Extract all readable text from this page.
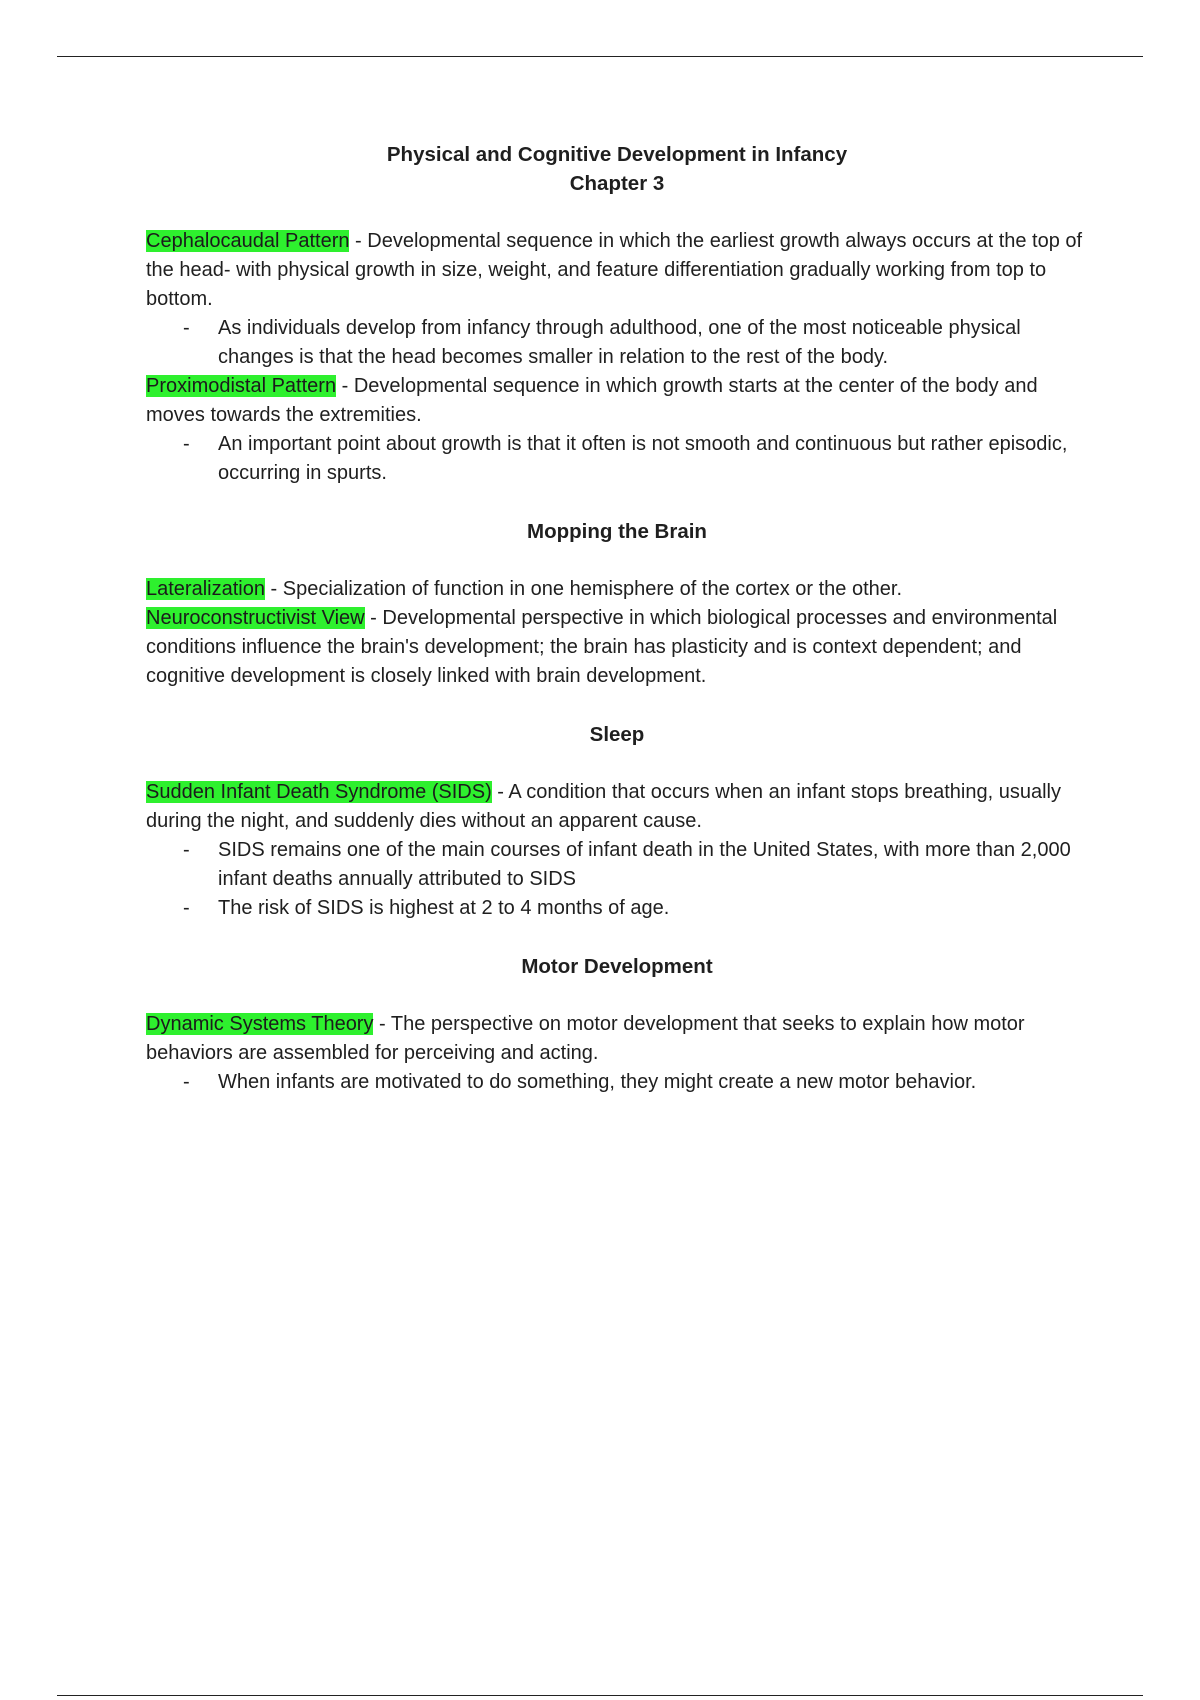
Physical and Cognitive Development in Infancy

Chapter 3

Cephalocaudal Pattern - Developmental sequence in which the earliest growth always occurs at the top of the head- with physical growth in size, weight, and feature differentiation gradually working from top to bottom.

- As individuals develop from infancy through adulthood, one of the most noticeable physical changes is that the head becomes smaller in relation to the rest of the body.

Proximodistal Pattern - Developmental sequence in which growth starts at the center of the body and moves towards the extremities.

- An important point about growth is that it often is not smooth and continuous but rather episodic, occurring in spurts.

Mopping the Brain

Lateralization - Specialization of function in one hemisphere of the cortex or the other.

Neuroconstructivist View - Developmental perspective in which biological processes and environmental conditions influence the brain's development; the brain has plasticity and is context dependent; and cognitive development is closely linked with brain development.

Sleep

Sudden Infant Death Syndrome (SIDS) - A condition that occurs when an infant stops breathing, usually during the night, and suddenly dies without an apparent cause.

- SIDS remains one of the main courses of infant death in the United States, with more than 2,000 infant deaths annually attributed to SIDS
- The risk of SIDS is highest at 2 to 4 months of age.

Motor Development

Dynamic Systems Theory - The perspective on motor development that seeks to explain how motor behaviors are assembled for perceiving and acting.

- When infants are motivated to do something, they might create a new motor behavior.
